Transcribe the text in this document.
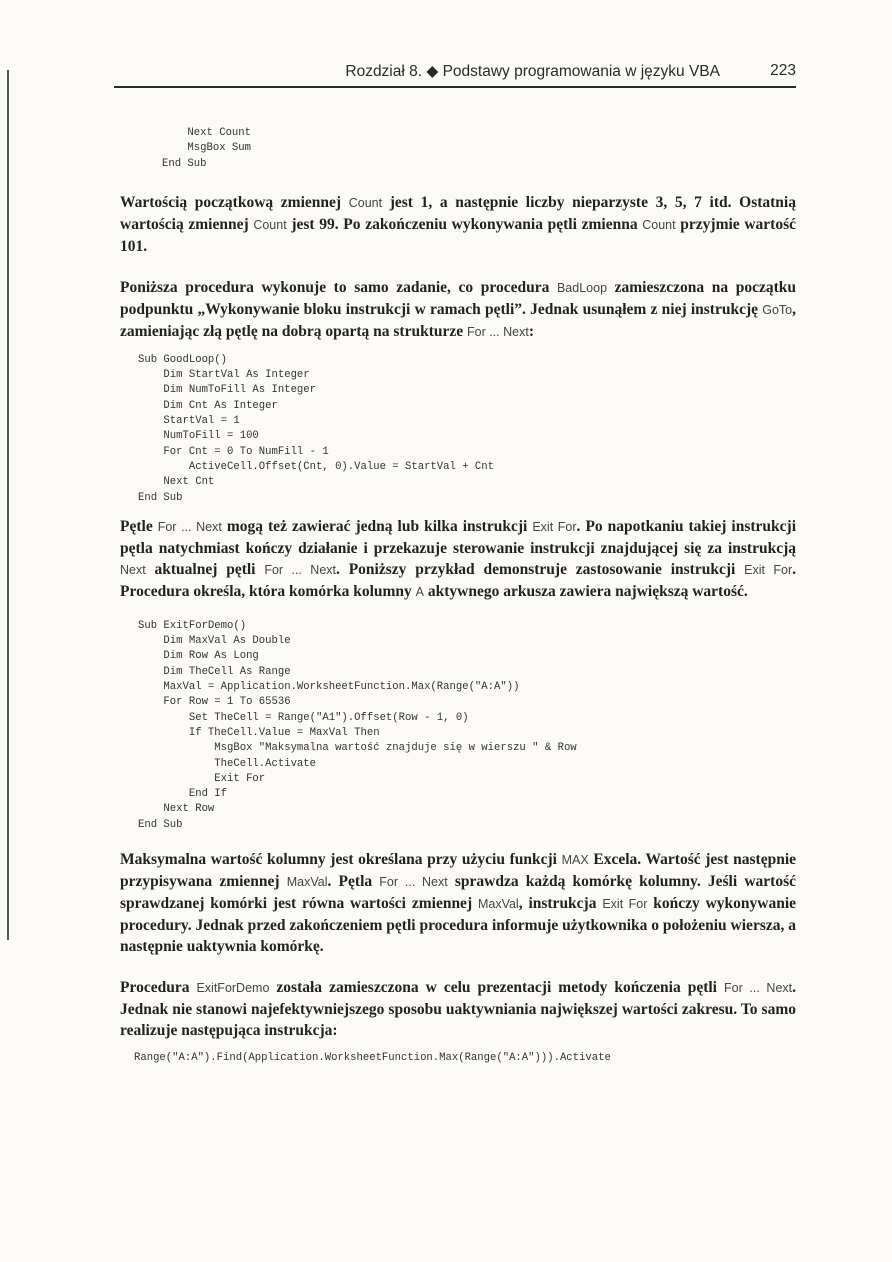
Rozdział 8. ◆ Podstawy programowania w języku VBA	223
Next Count
MsgBox Sum
End Sub

Wartością początkową zmiennej Count jest 1, a następnie liczby nieparzyste 3, 5, 7 itd. Ostatnią wartością zmiennej Count jest 99. Po zakończeniu wykonywania pętli zmienna Count przyjmie wartość 101.

Poniższa procedura wykonuje to samo zadanie, co procedura BadLoop zamieszczona na początku podpunktu „Wykonywanie bloku instrukcji w ramach pętli”. Jednak usunąłem z niej instrukcję GoTo, zamieniając złą pętlę na dobrą opartą na strukturze For ... Next:

Sub GoodLoop()
Dim StartVal As Integer
Dim NumToFill As Integer
Dim Cnt As Integer
StartVal = 1
NumToFill = 100
For Cnt = 0 To NumFill - 1
ActiveCell.Offset(Cnt, 0).Value = StartVal + Cnt
Next Cnt
End Sub

Pętle For ... Next mogą też zawierać jedną lub kilka instrukcji Exit For. Po napotkaniu takiej instrukcji pętla natychmiast kończy działanie i przekazuje sterowanie instrukcji znajdującej się za instrukcją Next aktualnej pętli For ... Next. Poniższy przykład demonstruje zastosowanie instrukcji Exit For. Procedura określa, która komórka kolumny A aktywnego arkusza zawiera największą wartość.

Sub ExitForDemo()
Dim MaxVal As Double
Dim Row As Long
Dim TheCell As Range
MaxVal = Application.WorksheetFunction.Max(Range("A:A"))
For Row = 1 To 65536
Set TheCell = Range("A1").Offset(Row - 1, 0)
If TheCell.Value = MaxVal Then
MsgBox "Maksymalna wartość znajduje się w wierszu " & Row
TheCell.Activate
Exit For
End If
Next Row
End Sub

Maksymalna wartość kolumny jest określana przy użyciu funkcji MAX Excela. Wartość jest następnie przypisywana zmiennej MaxVal. Pętla For ... Next sprawdza każdą komórkę kolumny. Jeśli wartość sprawdzanej komórki jest równa wartości zmiennej MaxVal, instrukcja Exit For kończy wykonywanie procedury. Jednak przed zakończeniem pętli procedura informuje użytkownika o położeniu wiersza, a następnie uaktywnia komórkę.

Procedura ExitForDemo została zamieszczona w celu prezentacji metody kończenia pętli For ... Next. Jednak nie stanowi najefektywniejszego sposobu uaktywniania największej wartości zakresu. To samo realizuje następująca instrukcja:

Range("A:A").Find(Application.WorksheetFunction.Max(Range("A:A"))).Activate
